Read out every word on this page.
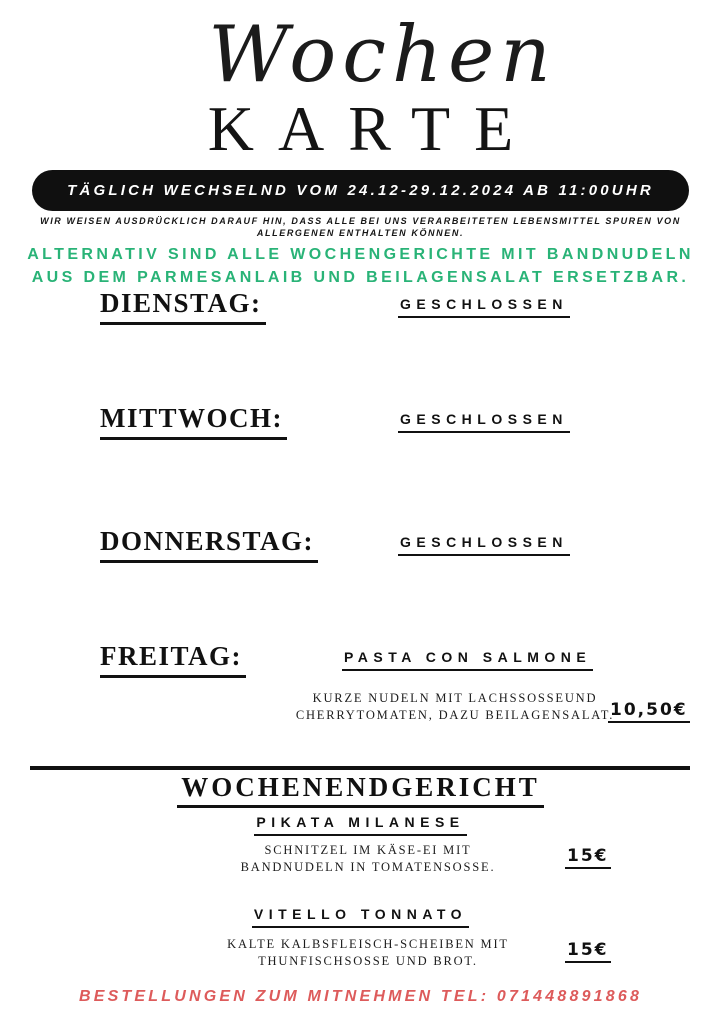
Wochen
KARTE
TÄGLICH WECHSELND VOM 24.12-29.12.2024 AB 11:00UHR
WIR WEISEN AUSDRÜCKLICH DARAUF HIN, DASS ALLE BEI UNS VERARBEITETEN LEBENSMITTEL SPUREN VON
ALLERGENEN ENTHALTEN KÖNNEN.
ALTERNATIV SIND ALLE WOCHENGERICHTE MIT BANDNUDELN
AUS DEM PARMESANLAIB UND BEILAGENSALAT ERSETZBAR.
DIENSTAG:	GESCHLOSSEN
MITTWOCH:	GESCHLOSSEN
DONNERSTAG:	GESCHLOSSEN
FREITAG:	PASTA CON SALMONE
KURZE NUDELN MIT LACHSSOSSEUND
CHERRYTOMATEN, DAZU BEILAGENSALAT.
10,50€
WOCHENENDGERICHT
PIKATA MILANESE
SCHNITZEL IM KÄSE-EI MIT
BANDNUDELN IN TOMATENSOSSE.
15€
VITELLO TONNATO
KALTE KALBSFLEISCH-SCHEIBEN MIT
THUNFISCHSOSSE UND BROT.
15€
BESTELLUNGEN ZUM MITNEHMEN TEL: 071448891868
